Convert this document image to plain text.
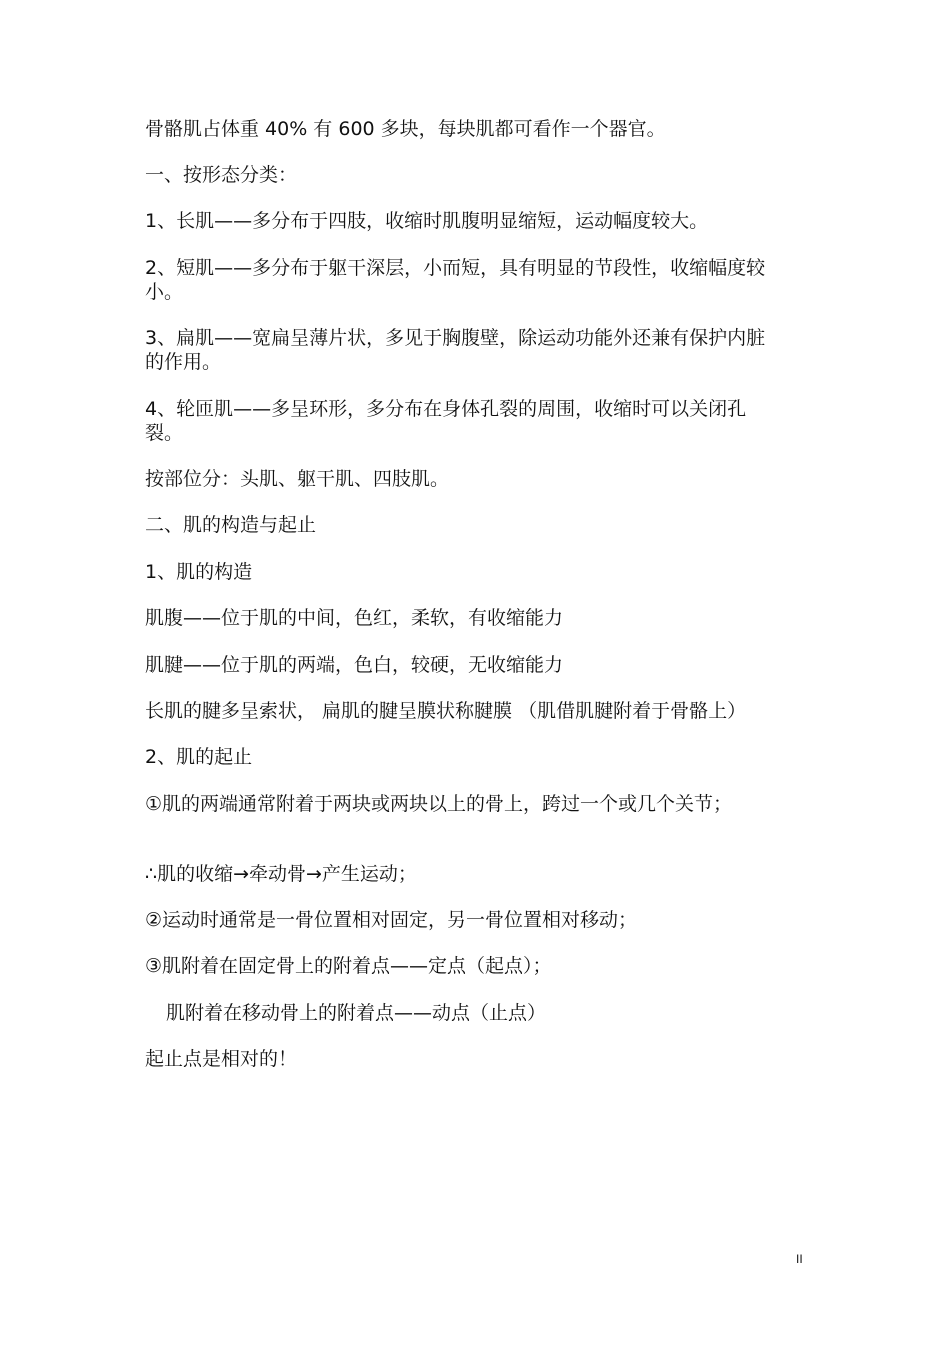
骨骼肌占体重 40% 有 600 多块，每块肌都可看作一个器官。
一、按形态分类：
1、长肌——多分布于四肢，收缩时肌腹明显缩短，运动幅度较大。
2、短肌——多分布于躯干深层，小而短，具有明显的节段性，收缩幅度较小。
3、扁肌——宽扁呈薄片状，多见于胸腹壁，除运动功能外还兼有保护内脏的作用。
4、轮匝肌——多呈环形，多分布在身体孔裂的周围，收缩时可以关闭孔裂。
按部位分：头肌、躯干肌、四肢肌。
二、肌的构造与起止
1、肌的构造
肌腹——位于肌的中间，色红，柔软，有收缩能力
肌腱——位于肌的两端，色白，较硬，无收缩能力
长肌的腱多呈索状， 扁肌的腱呈膜状称腱膜 （肌借肌腱附着于骨骼上）
2、肌的起止
①肌的两端通常附着于两块或两块以上的骨上，跨过一个或几个关节；
∴肌的收缩→牵动骨→产生运动；
②运动时通常是一骨位置相对固定，另一骨位置相对移动；
③肌附着在固定骨上的附着点——定点（起点）；
肌附着在移动骨上的附着点——动点（止点）
起止点是相对的！
II
